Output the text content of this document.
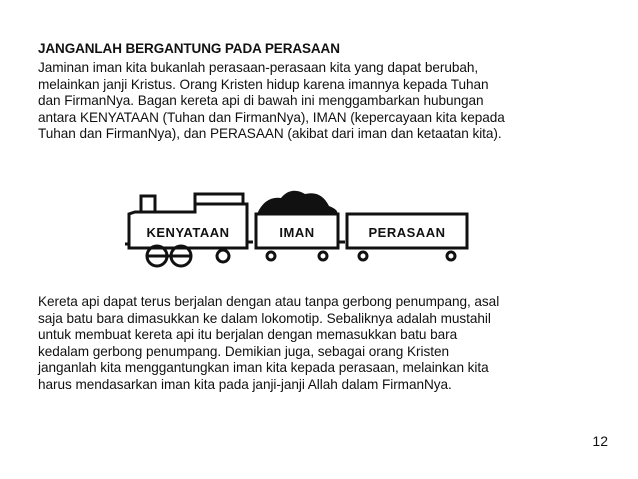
JANGANLAH BERGANTUNG PADA PERASAAN
Jaminan iman kita bukanlah perasaan-perasaan kita yang dapat berubah,
melainkan janji Kristus. Orang Kristen hidup karena imannya kepada Tuhan
dan FirmanNya. Bagan kereta api di bawah ini menggambarkan hubungan
antara KENYATAAN (Tuhan dan FirmanNya), IMAN (kepercayaan kita kepada
Tuhan dan FirmanNya), dan PERASAAN (akibat dari iman dan ketaatan kita).
KENYATAAN	IMAN	PERASAAN
Kereta api dapat terus berjalan dengan atau tanpa gerbong penumpang, asal
saja batu bara dimasukkan ke dalam lokomotip. Sebaliknya adalah mustahil
untuk membuat kereta api itu berjalan dengan memasukkan batu bara
kedalam gerbong penumpang. Demikian juga, sebagai orang Kristen
janganlah kita menggantungkan iman kita kepada perasaan, melainkan kita
harus mendasarkan iman kita pada janji-janji Allah dalam FirmanNya.
12
